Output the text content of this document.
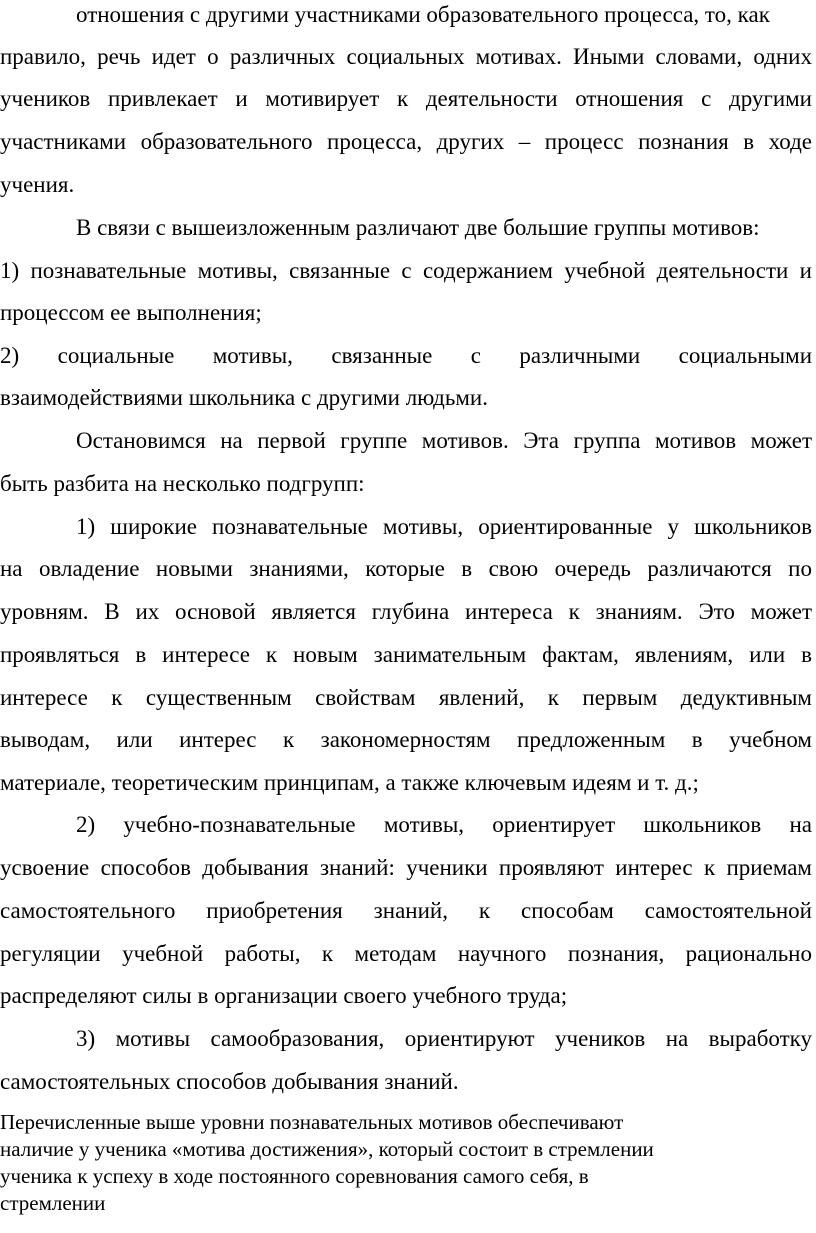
отношения с другими участниками образовательного процесса, то, как
правило, речь идет о различных социальных мотивах. Иными словами, одних
учеников привлекает и мотивирует к деятельности отношения с другими
участниками образовательного процесса, других – процесс познания в ходе
учения.
В связи с вышеизложенным различают две большие группы мотивов:
1) познавательные мотивы, связанные с содержанием учебной деятельности и
процессом ее выполнения;
2) социальные мотивы, связанные с различными социальными
взаимодействиями школьника с другими людьми.
Остановимся на первой группе мотивов. Эта группа мотивов может
быть разбита на несколько подгрупп:
1) широкие познавательные мотивы, ориентированные у школьников
на овладение новыми знаниями, которые в свою очередь различаются по
уровням. В их основой является глубина интереса к знаниям. Это может
проявляться в интересе к новым занимательным фактам, явлениям, или в
интересе к существенным свойствам явлений, к первым дедуктивным
выводам, или интерес к закономерностям предложенным в учебном
материале, теоретическим принципам, а также ключевым идеям и т. д.;
2) учебно-познавательные мотивы, ориентирует школьников на
усвоение способов добывания знаний: ученики проявляют интерес к приемам
самостоятельного приобретения знаний, к способам самостоятельной
регуляции учебной работы, к методам научного познания, рационально
распределяют силы в организации своего учебного труда;
3) мотивы самообразования, ориентируют учеников на выработку
самостоятельных способов добывания знаний.
Перечисленные выше уровни познавательных мотивов обеспечивают
наличие у ученика «мотива достижения», который состоит в стремлении
ученика к успеху в ходе постоянного соревнования самого себя, в
стремлении
